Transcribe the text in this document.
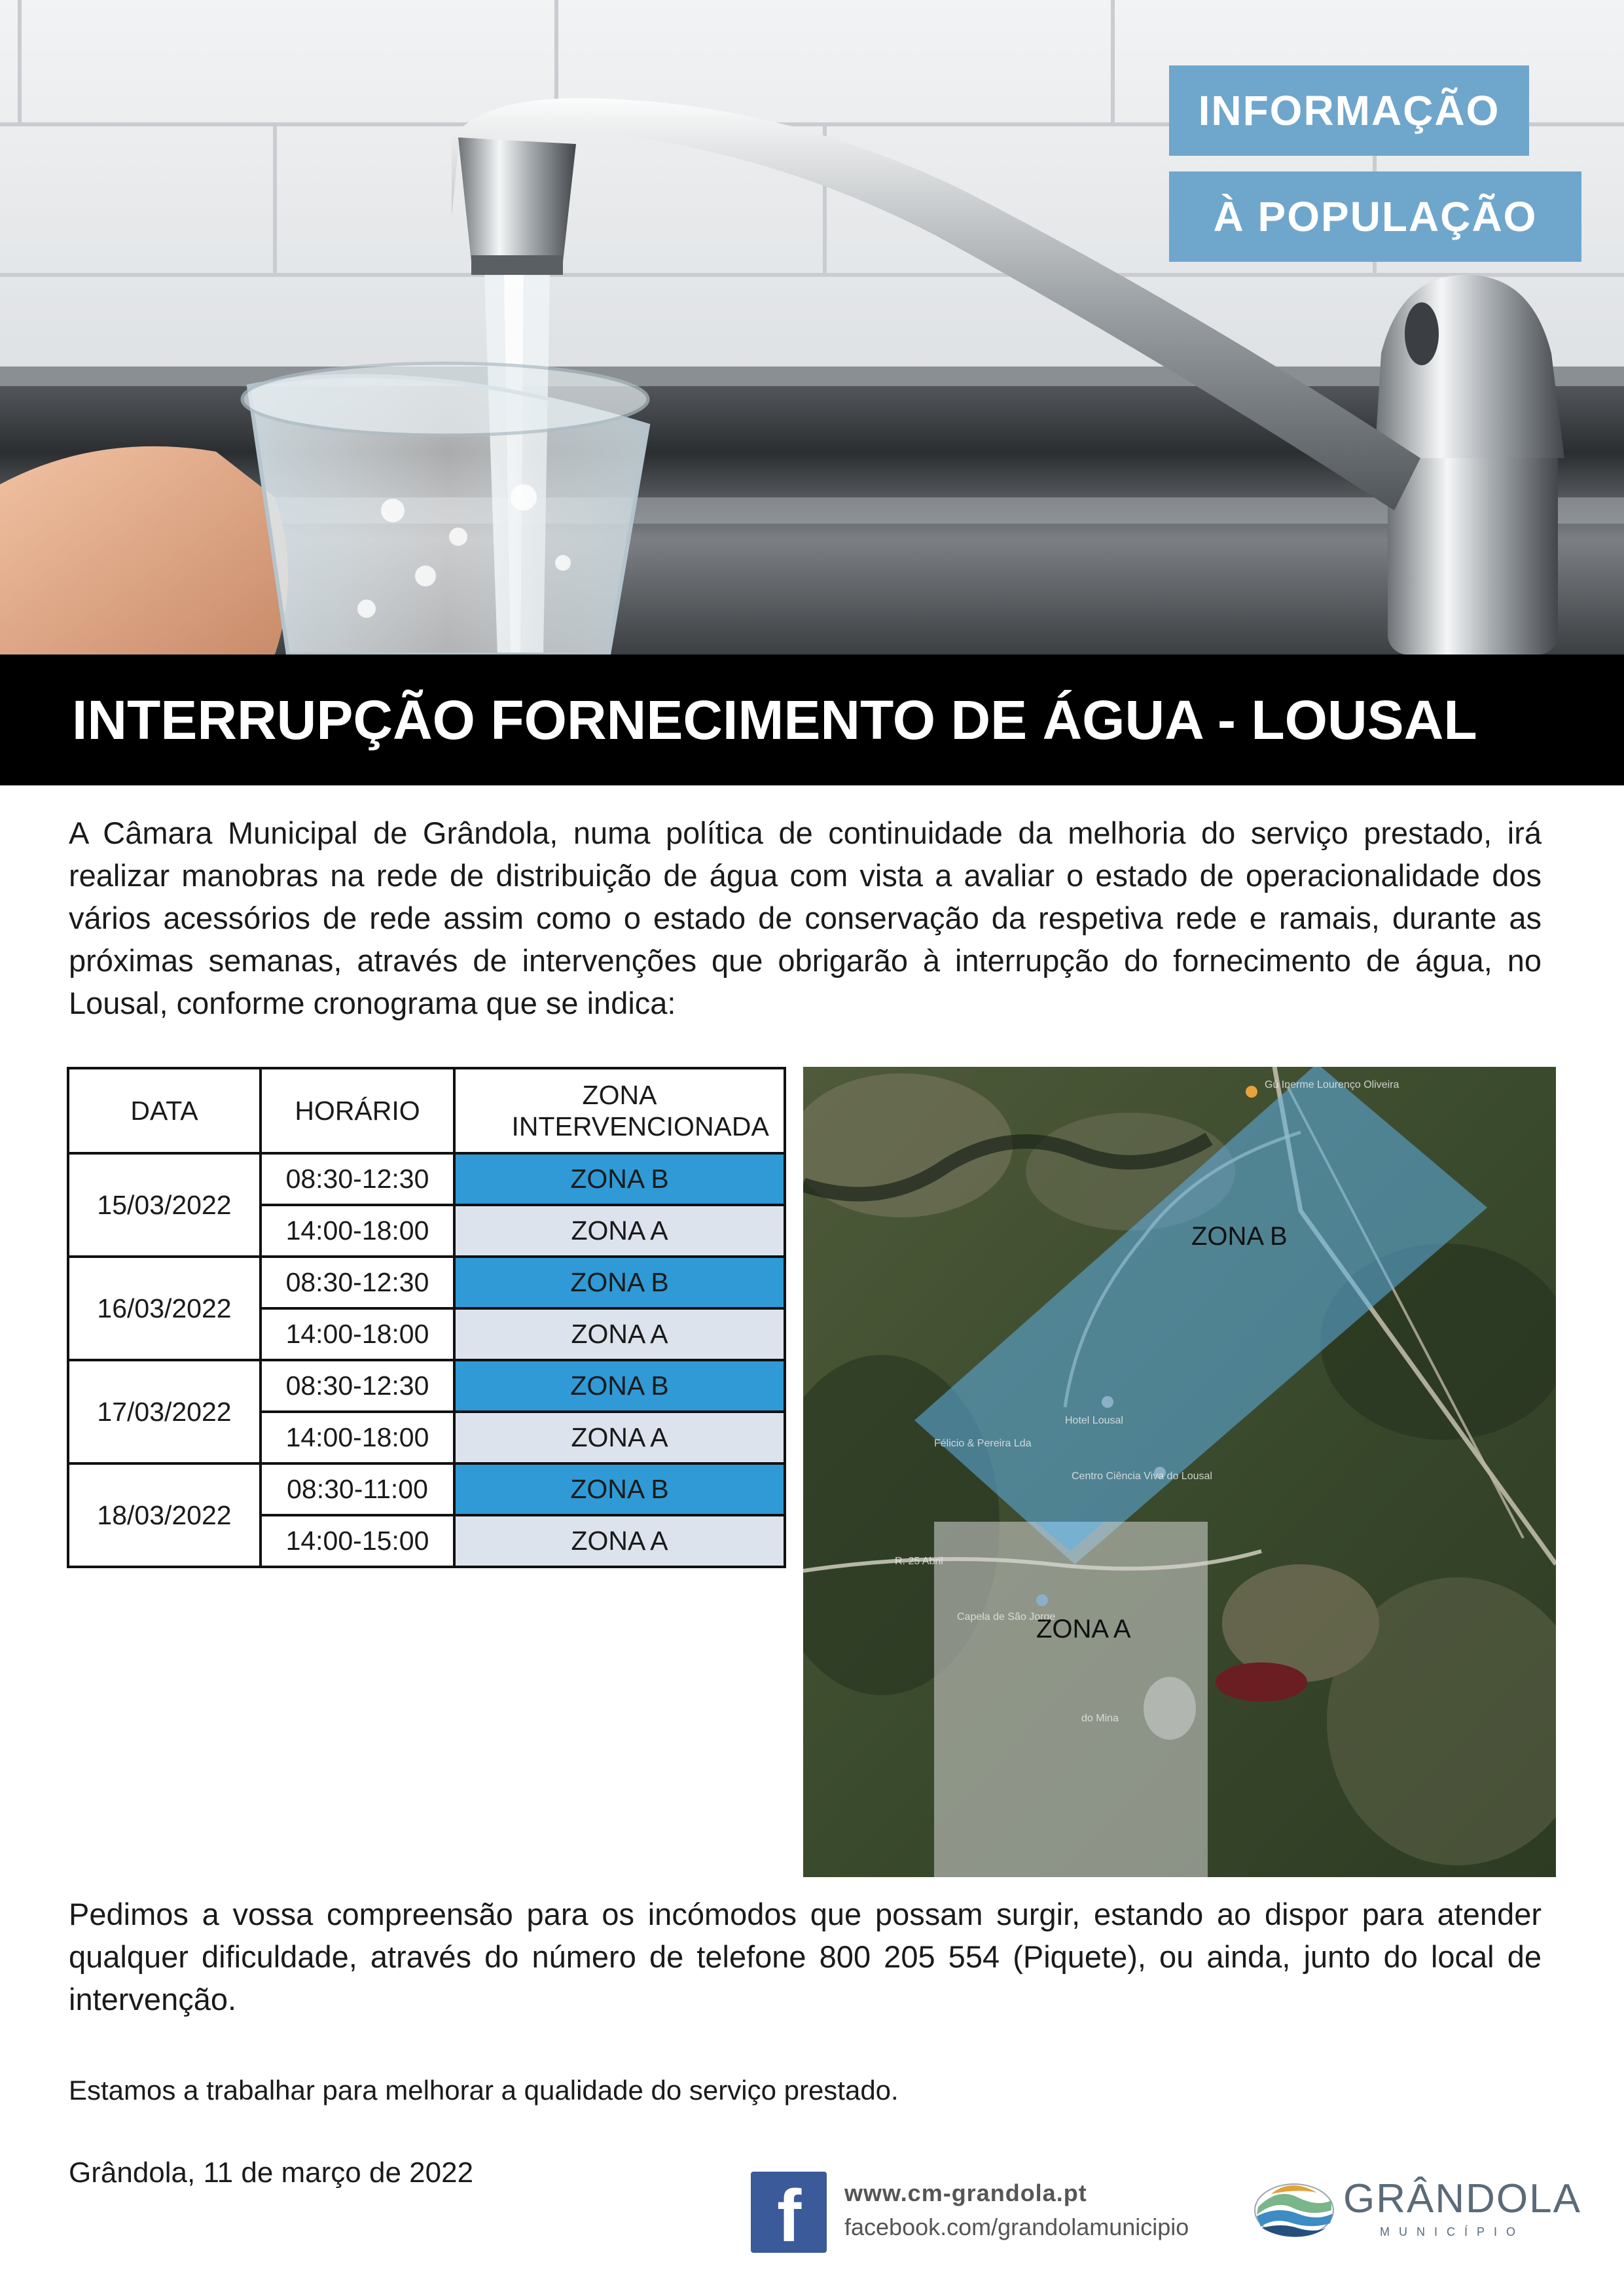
INFORMAÇÃO
À POPULAÇÃO
INTERRUPÇÃO FORNECIMENTO DE ÁGUA - LOUSAL

A Câmara Municipal de Grândola, numa política de continuidade da melhoria do serviço prestado, irá realizar manobras na rede de distribuição de água com vista a avaliar o estado de operacionalidade dos vários acessórios de rede assim como o estado de conservação da respetiva rede e ramais, durante as próximas semanas, através de intervenções que obrigarão à interrupção do fornecimento de água, no Lousal, conforme cronograma que se indica:

DATA	HORÁRIO	ZONA INTERVENCIONADA
15/03/2022	08:30-12:30	ZONA B
	14:00-18:00	ZONA A
16/03/2022	08:30-12:30	ZONA B
	14:00-18:00	ZONA A
17/03/2022	08:30-12:30	ZONA B
	14:00-18:00	ZONA A
18/03/2022	08:30-11:00	ZONA B
	14:00-15:00	ZONA A
Gú Inerme Lourenço Oliveira
Hotel Lousal
Félicio & Pereira Lda
Centro Ciência Viva do Lousal
Capela de São Jorge
do Mina
R. 25 Abril
ZONA B
ZONA A

Pedimos a vossa compreensão para os incómodos que possam surgir, estando ao dispor para atender qualquer dificuldade, através do número de telefone 800 205 554 (Piquete), ou ainda, junto do local de intervenção.

Estamos a trabalhar para melhorar a qualidade do serviço prestado.
Grândola, 11 de março de 2022
f www.cm-grandola.pt
facebook.com/grandolamunicipio
GRÂNDOLA
MUNICÍPIO
